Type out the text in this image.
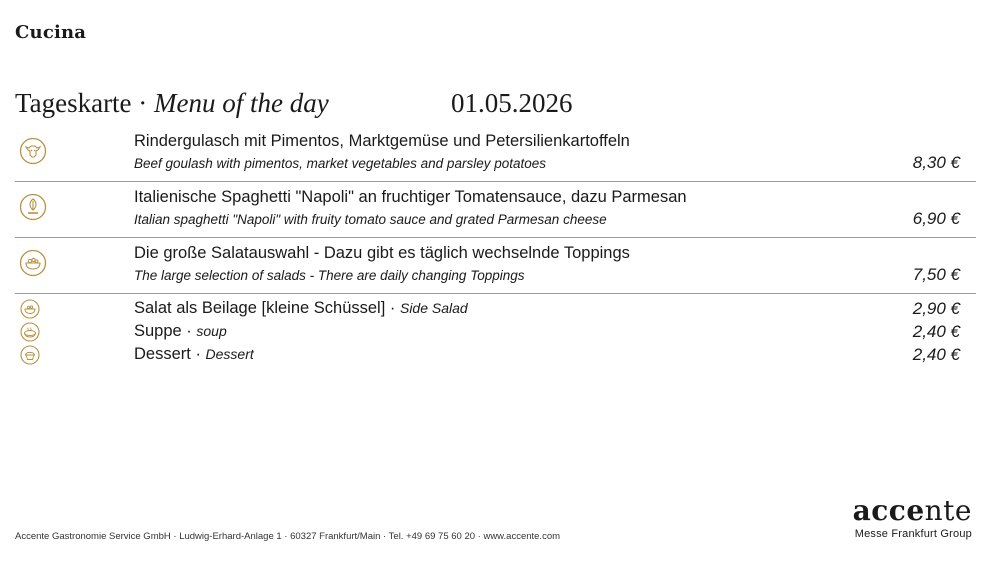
Cucina
Tageskarte · Menu of the day	01.05.2026
Rindergulasch mit Pimentos, Marktgemüse und Petersilienkartoffeln
Beef goulash with pimentos, market vegetables and parsley potatoes	8,30 €
Italienische Spaghetti "Napoli" an fruchtiger Tomatensauce, dazu Parmesan
Italian spaghetti "Napoli" with fruity tomato sauce and grated Parmesan cheese	6,90 €
Die große Salatauswahl - Dazu gibt es täglich wechselnde Toppings
The large selection of salads - There are daily changing Toppings	7,50 €
Salat als Beilage [kleine Schüssel] · Side Salad	2,90 €
Suppe · soup	2,40 €
Dessert · Dessert	2,40 €
Accente Gastronomie Service GmbH · Ludwig-Erhard-Anlage 1 · 60327 Frankfurt/Main · Tel. +49 69 75 60 20 · www.accente.com
accente
Messe Frankfurt Group
